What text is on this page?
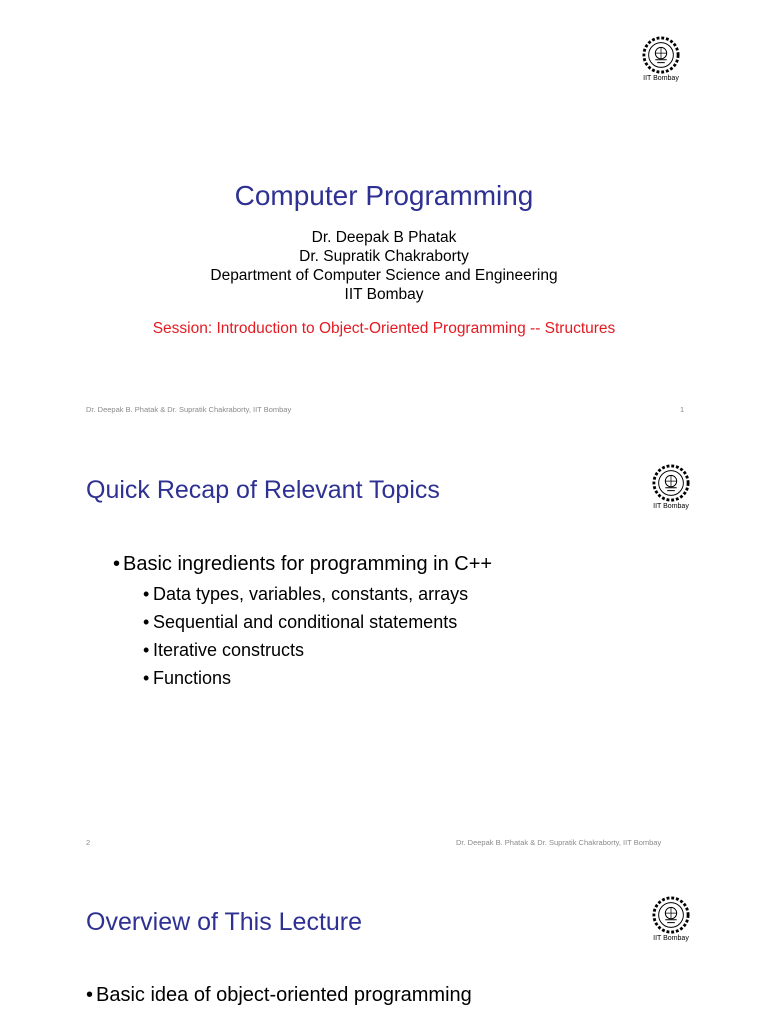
IIT Bombay
Computer Programming
Dr. Deepak B Phatak
Dr. Supratik Chakraborty
Department of Computer Science and Engineering
IIT Bombay
Session: Introduction to Object-Oriented Programming -- Structures
Dr. Deepak B. Phatak & Dr. Supratik Chakraborty, IIT Bombay	1
Quick Recap of Relevant Topics
IIT Bombay
• Basic ingredients for programming in C++
• Data types, variables, constants, arrays
• Sequential and conditional statements
• Iterative constructs
• Functions
2	Dr. Deepak B. Phatak & Dr. Supratik Chakraborty, IIT Bombay
Overview of This Lecture
IIT Bombay
• Basic idea of object-oriented programming
